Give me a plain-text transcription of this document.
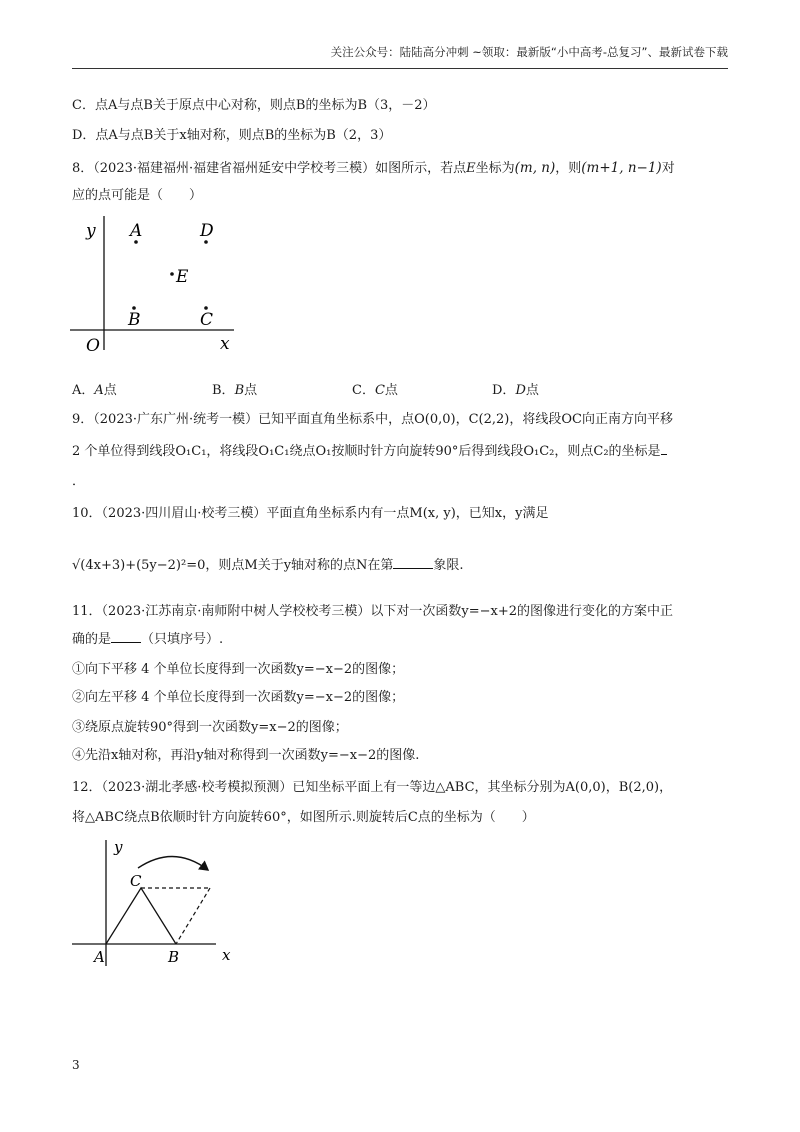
关注公众号：陆陆高分冲刺 ~领取：最新版“小中高考-总复习”、最新试卷下载
C．点A与点B关于原点中心对称，则点B的坐标为B（3，－2）
D．点A与点B关于x轴对称，则点B的坐标为B（2，3）
8．（2023·福建福州·福建省福州延安中学校考三模）如图所示，若点E坐标为(m, n)，则(m+1, n−1)对
应的点可能是（　　）
y
x
O
A	D
E
B	C
A．A点	B．B点	C．C点	D．D点
9．（2023·广东广州·统考一模）已知平面直角坐标系中，点O(0,0)，C(2,2)，将线段OC向正南方向平移
2 个单位得到线段O₁C₁，将线段O₁C₁绕点O₁按顺时针方向旋转90°后得到线段O₁C₂，则点C₂的坐标是
．
10．（2023·四川眉山·校考三模）平面直角坐标系内有一点M(x, y)，已知x，y满足
√(4x+3)+(5y−2)²=0，则点M关于y轴对称的点N在第	象限.
11．（2023·江苏南京·南师附中树人学校校考三模）以下对一次函数y=−x+2的图像进行变化的方案中正
确的是 （只填序号）.
①向下平移 4 个单位长度得到一次函数y=−x−2的图像；
②向左平移 4 个单位长度得到一次函数y=−x−2的图像；
③绕原点旋转90°得到一次函数y=x−2的图像；
④先沿x轴对称，再沿y轴对称得到一次函数y=−x−2的图像.
12．（2023·湖北孝感·校考模拟预测）已知坐标平面上有一等边△ABC，其坐标分别为A(0,0)，B(2,0)，
将△ABC绕点B依顺时针方向旋转60°，如图所示.则旋转后C点的坐标为（　　）
y
x
C
A	B
3
